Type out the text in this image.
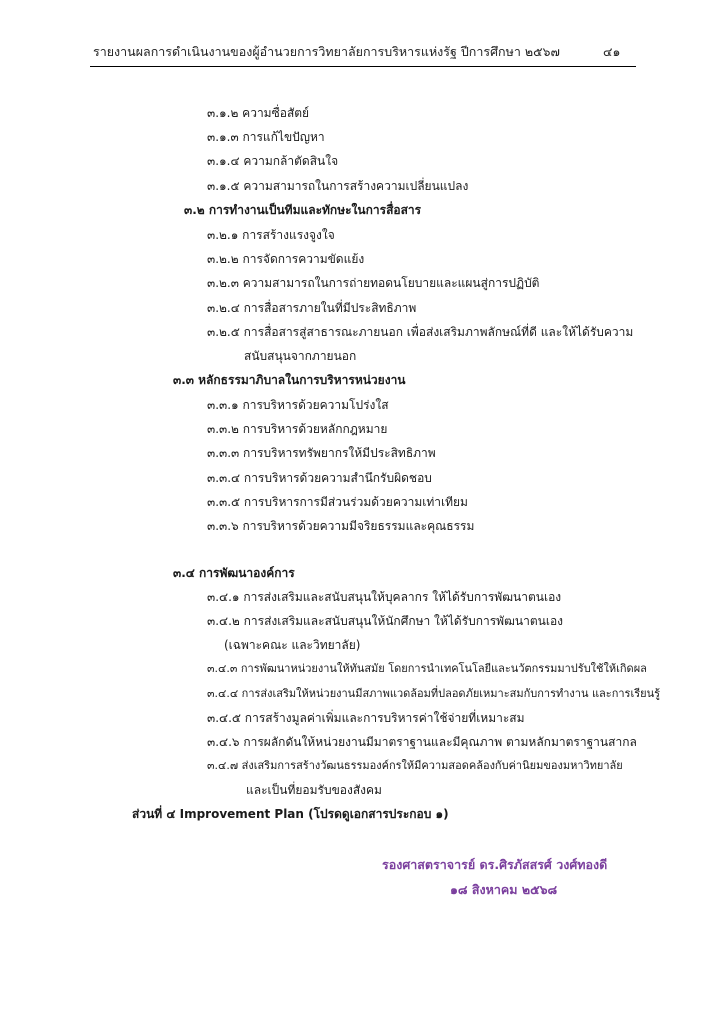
รายงานผลการดำเนินงานของผู้อำนวยการวิทยาลัยการบริหารแห่งรัฐ ปีการศึกษา ๒๕๖๗	๔๑
๓.๑.๒ ความซื่อสัตย์
๓.๑.๓ การแก้ไขปัญหา
๓.๑.๔ ความกล้าตัดสินใจ
๓.๑.๕ ความสามารถในการสร้างความเปลี่ยนแปลง
๓.๒ การทำงานเป็นทีมและทักษะในการสื่อสาร
๓.๒.๑ การสร้างแรงจูงใจ
๓.๒.๒ การจัดการความขัดแย้ง
๓.๒.๓ ความสามารถในการถ่ายทอดนโยบายและแผนสู่การปฏิบัติ
๓.๒.๔ การสื่อสารภายในที่มีประสิทธิภาพ
๓.๒.๕ การสื่อสารสู่สาธารณะภายนอก เพื่อส่งเสริมภาพลักษณ์ที่ดี และให้ได้รับความ
สนับสนุนจากภายนอก
๓.๓ หลักธรรมาภิบาลในการบริหารหน่วยงาน
๓.๓.๑ การบริหารด้วยความโปร่งใส
๓.๓.๒ การบริหารด้วยหลักกฎหมาย
๓.๓.๓ การบริหารทรัพยากรให้มีประสิทธิภาพ
๓.๓.๔ การบริหารด้วยความสำนึกรับผิดชอบ
๓.๓.๕ การบริหารการมีส่วนร่วมด้วยความเท่าเทียม
๓.๓.๖ การบริหารด้วยความมีจริยธรรมและคุณธรรม
๓.๔ การพัฒนาองค์การ
๓.๔.๑ การส่งเสริมและสนับสนุนให้บุคลากร ให้ได้รับการพัฒนาตนเอง
๓.๔.๒ การส่งเสริมและสนับสนุนให้นักศึกษา ให้ได้รับการพัฒนาตนเอง
(เฉพาะคณะ และวิทยาลัย)
๓.๔.๓ การพัฒนาหน่วยงานให้ทันสมัย โดยการนำเทคโนโลยีและนวัตกรรมมาปรับใช้ให้เกิดผล
๓.๔.๔ การส่งเสริมให้หน่วยงานมีสภาพแวดล้อมที่ปลอดภัยเหมาะสมกับการทำงาน และการเรียนรู้
๓.๔.๕ การสร้างมูลค่าเพิ่มและการบริหารค่าใช้จ่ายที่เหมาะสม
๓.๔.๖ การผลักดันให้หน่วยงานมีมาตราฐานและมีคุณภาพ ตามหลักมาตราฐานสากล
๓.๔.๗ ส่งเสริมการสร้างวัฒนธรรมองค์กรให้มีความสอดคล้องกับค่านิยมของมหาวิทยาลัย
และเป็นที่ยอมรับของสังคม
ส่วนที่ ๔ Improvement Plan (โปรดดูเอกสารประกอบ ๑)
รองศาสตราจารย์ ดร.ศิรภัสสรศ์ วงศ์ทองดี
๑๘ สิงหาคม ๒๕๖๘
